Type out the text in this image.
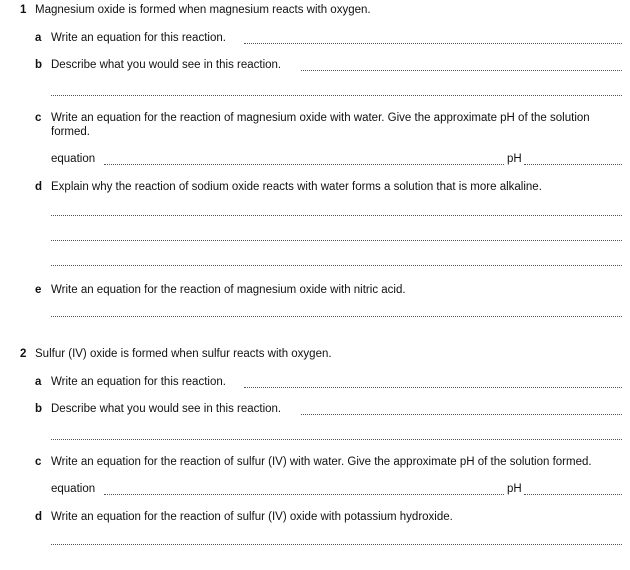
1 Magnesium oxide is formed when magnesium reacts with oxygen.
a Write an equation for this reaction.
b Describe what you would see in this reaction.
c Write an equation for the reaction of magnesium oxide with water. Give the approximate pH of the solution
formed.
equation	pH
d Explain why the reaction of sodium oxide reacts with water forms a solution that is more alkaline.
e Write an equation for the reaction of magnesium oxide with nitric acid.
2 Sulfur (IV) oxide is formed when sulfur reacts with oxygen.
a Write an equation for this reaction.
b Describe what you would see in this reaction.
c Write an equation for the reaction of sulfur (IV) with water. Give the approximate pH of the solution formed.
equation	pH
d Write an equation for the reaction of sulfur (IV) oxide with potassium hydroxide.
